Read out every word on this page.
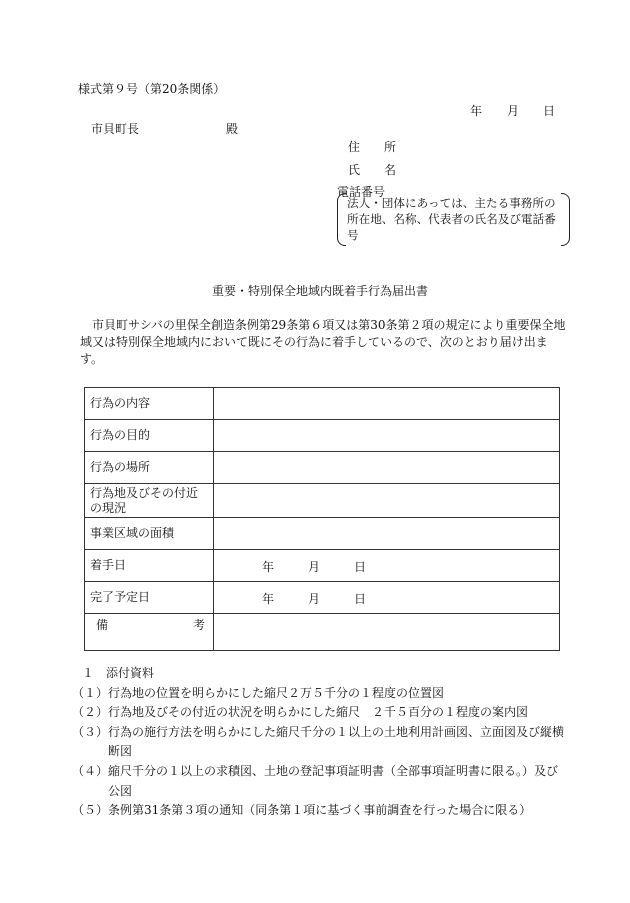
様式第９号（第20条関係）
年 月 日
市貝町長	殿
住　　所
氏　　名
電話番号
法人・団体にあっては、主たる事務所の所在地、名称、代表者の氏名及び電話番号
重要・特別保全地域内既着手行為届出書
市貝町サシバの里保全創造条例第29条第６項又は第30条第２項の規定により重要保全地域又は特別保全地域内において既にその行為に着手しているので、次のとおり届け出ます。
行為の内容	
行為の目的	
行為の場所	
行為地及びその付近の現況	
事業区域の面積	
着手日	年 月 日

完了予定日	年 月 日

備 考	

１　添付資料
（１） 行為地の位置を明らかにした縮尺２万５千分の１程度の位置図
（２） 行為地及びその付近の状況を明らかにした縮尺　２千５百分の１程度の案内図
（３） 行為の施行方法を明らかにした縮尺千分の１以上の土地利用計画図、立面図及び縦横断図
（４） 縮尺千分の１以上の求積図、土地の登記事項証明書（全部事項証明書に限る。）及び公図
（５） 条例第31条第３項の通知（同条第１項に基づく事前調査を行った場合に限る）
